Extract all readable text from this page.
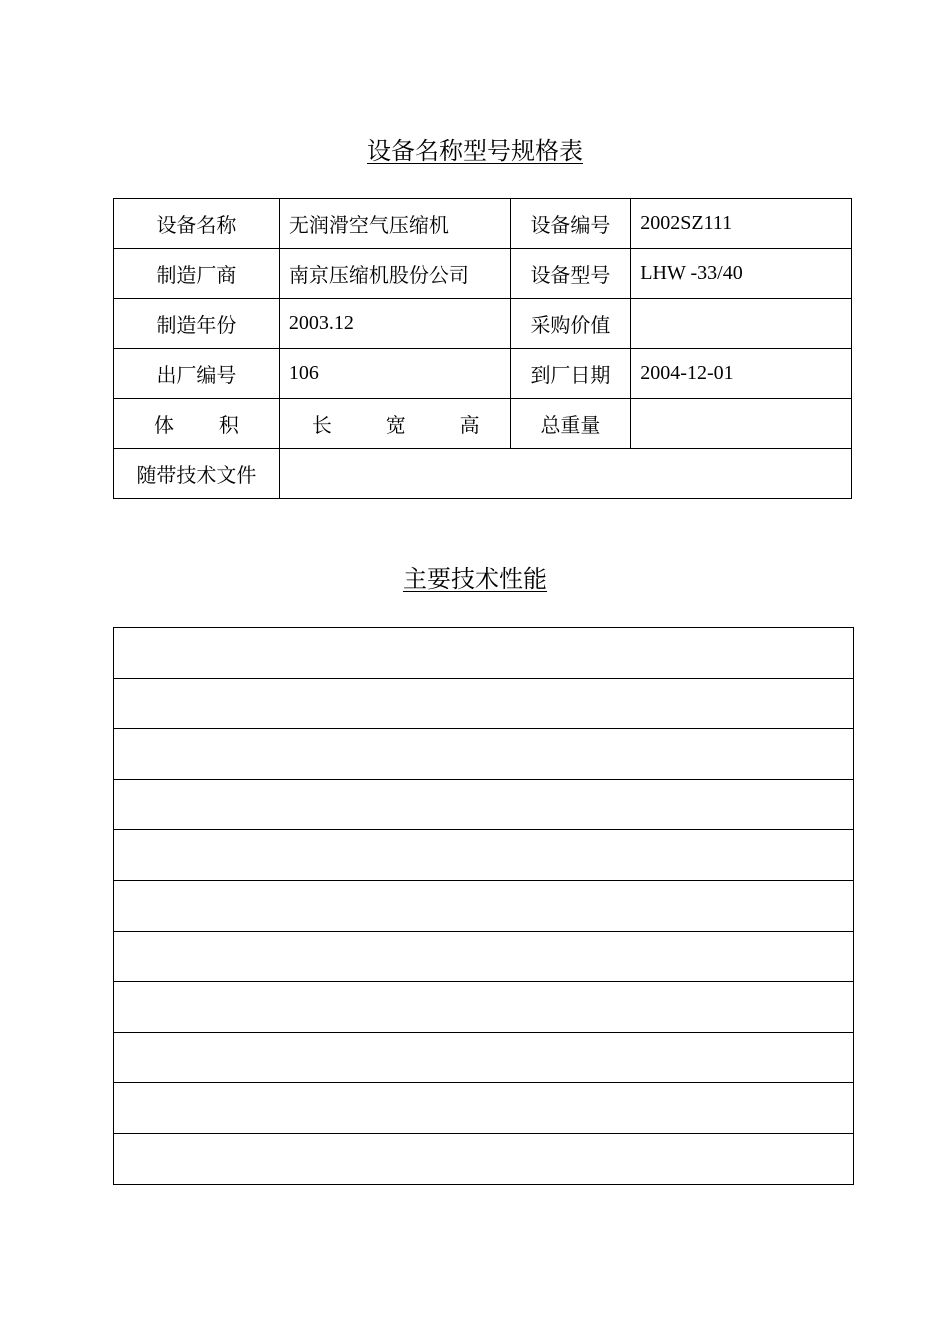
设备名称型号规格表
设备名称	无润滑空气压缩机	设备编号	2002SZ111
制造厂商	南京压缩机股份公司	设备型号	LHW -33/40
制造年份	2003.12	采购价值	
出厂编号	106	到厂日期	2004-12-01

体 积	长 宽 高	总重量	
随带技术文件			
主要技术性能
